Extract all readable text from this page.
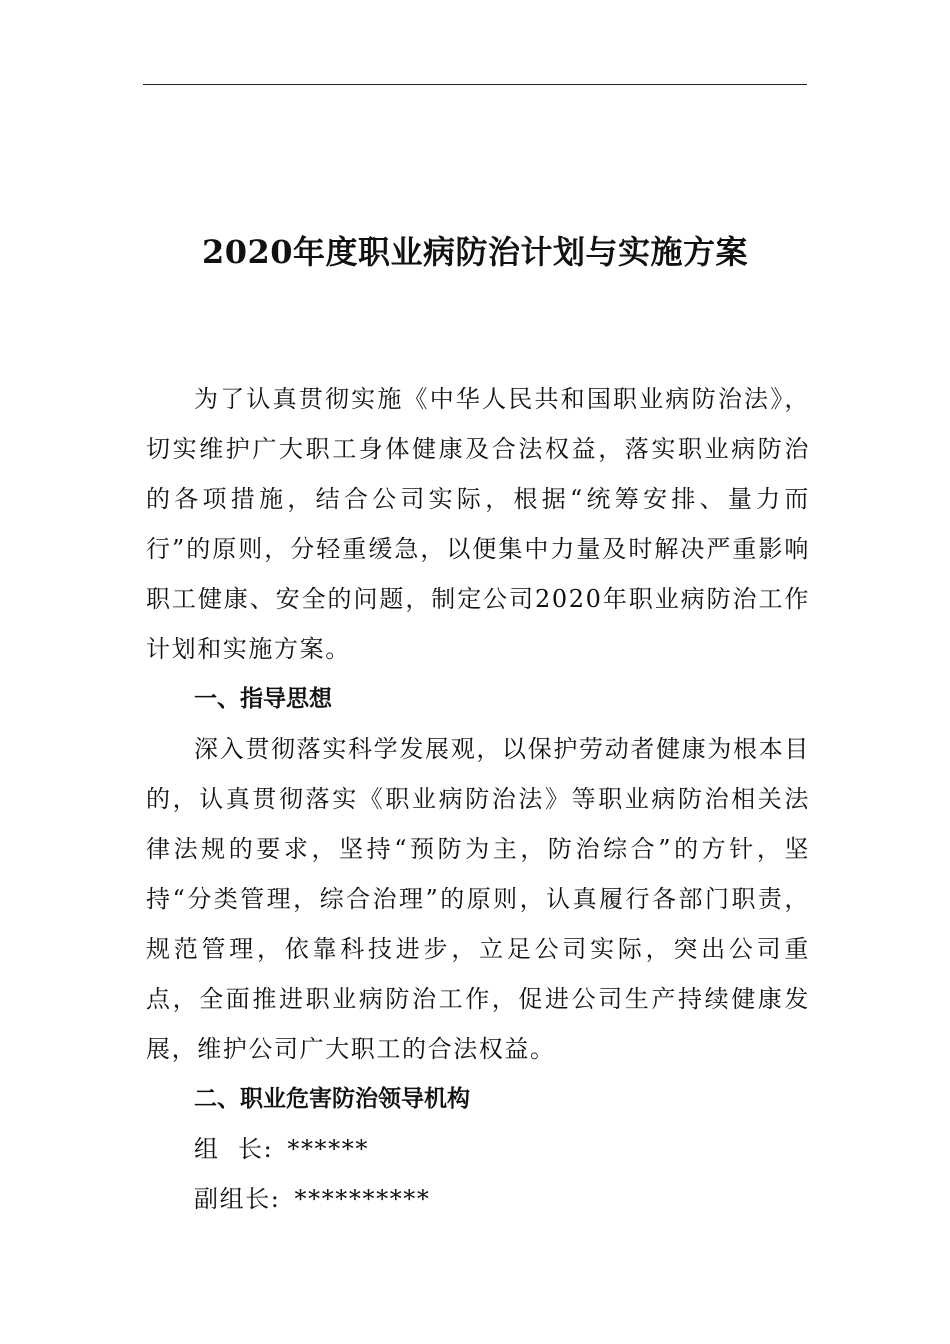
2020年度职业病防治计划与实施方案

为了认真贯彻实施《中华人民共和国职业病防治法》，切实维护广大职工身体健康及合法权益，落实职业病防治的各项措施，结合公司实际，根据“统筹安排、量力而行”的原则，分轻重缓急，以便集中力量及时解决严重影响职工健康、安全的问题，制定公司2020年职业病防治工作计划和实施方案。

一、指导思想

深入贯彻落实科学发展观，以保护劳动者健康为根本目的，认真贯彻落实《职业病防治法》等职业病防治相关法律法规的要求，坚持“预防为主，防治综合”的方针，坚持“分类管理，综合治理”的原则，认真履行各部门职责，规范管理，依靠科技进步，立足公司实际，突出公司重点，全面推进职业病防治工作，促进公司生产持续健康发展，维护公司广大职工的合法权益。

二、职业危害防治领导机构

组  长: ******

副组长: **********
